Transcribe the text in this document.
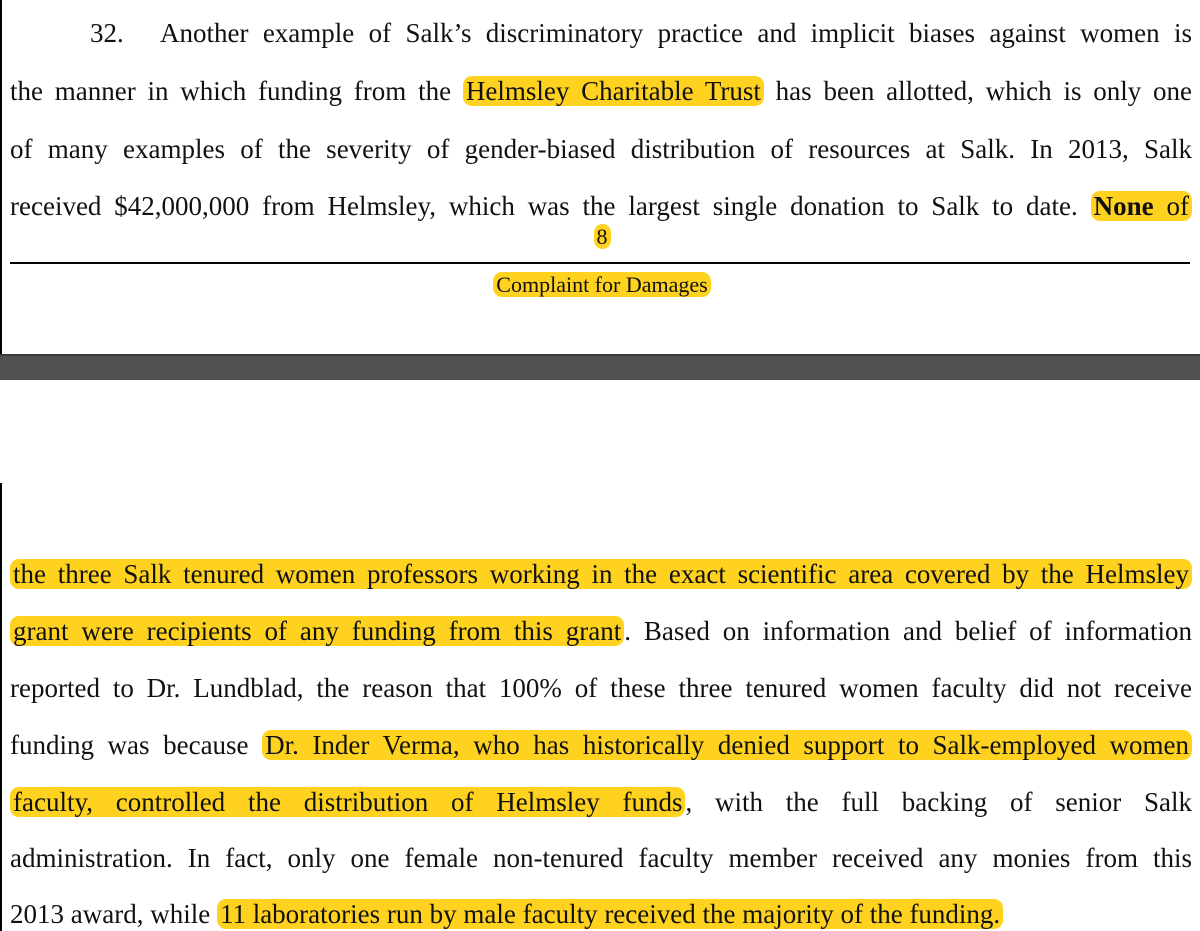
32. Another example of Salk’s discriminatory practice and implicit biases against women is
the manner in which funding from the Helmsley Charitable Trust has been allotted, which is only one
of many examples of the severity of gender-biased distribution of resources at Salk. In 2013, Salk
received $42,000,000 from Helmsley, which was the largest single donation to Salk to date. None of
8
Complaint for Damages
the three Salk tenured women professors working in the exact scientific area covered by the Helmsley
grant were recipients of any funding from this grant . Based on information and belief of information
reported to Dr. Lundblad, the reason that 100% of these three tenured women faculty did not receive
funding was because Dr. Inder Verma, who has historically denied support to Salk-employed women
faculty, controlled the distribution of Helmsley funds , with the full backing of senior Salk
administration. In fact, only one female non-tenured faculty member received any monies from this
2013 award, while 11 laboratories run by male faculty received the majority of the funding.
